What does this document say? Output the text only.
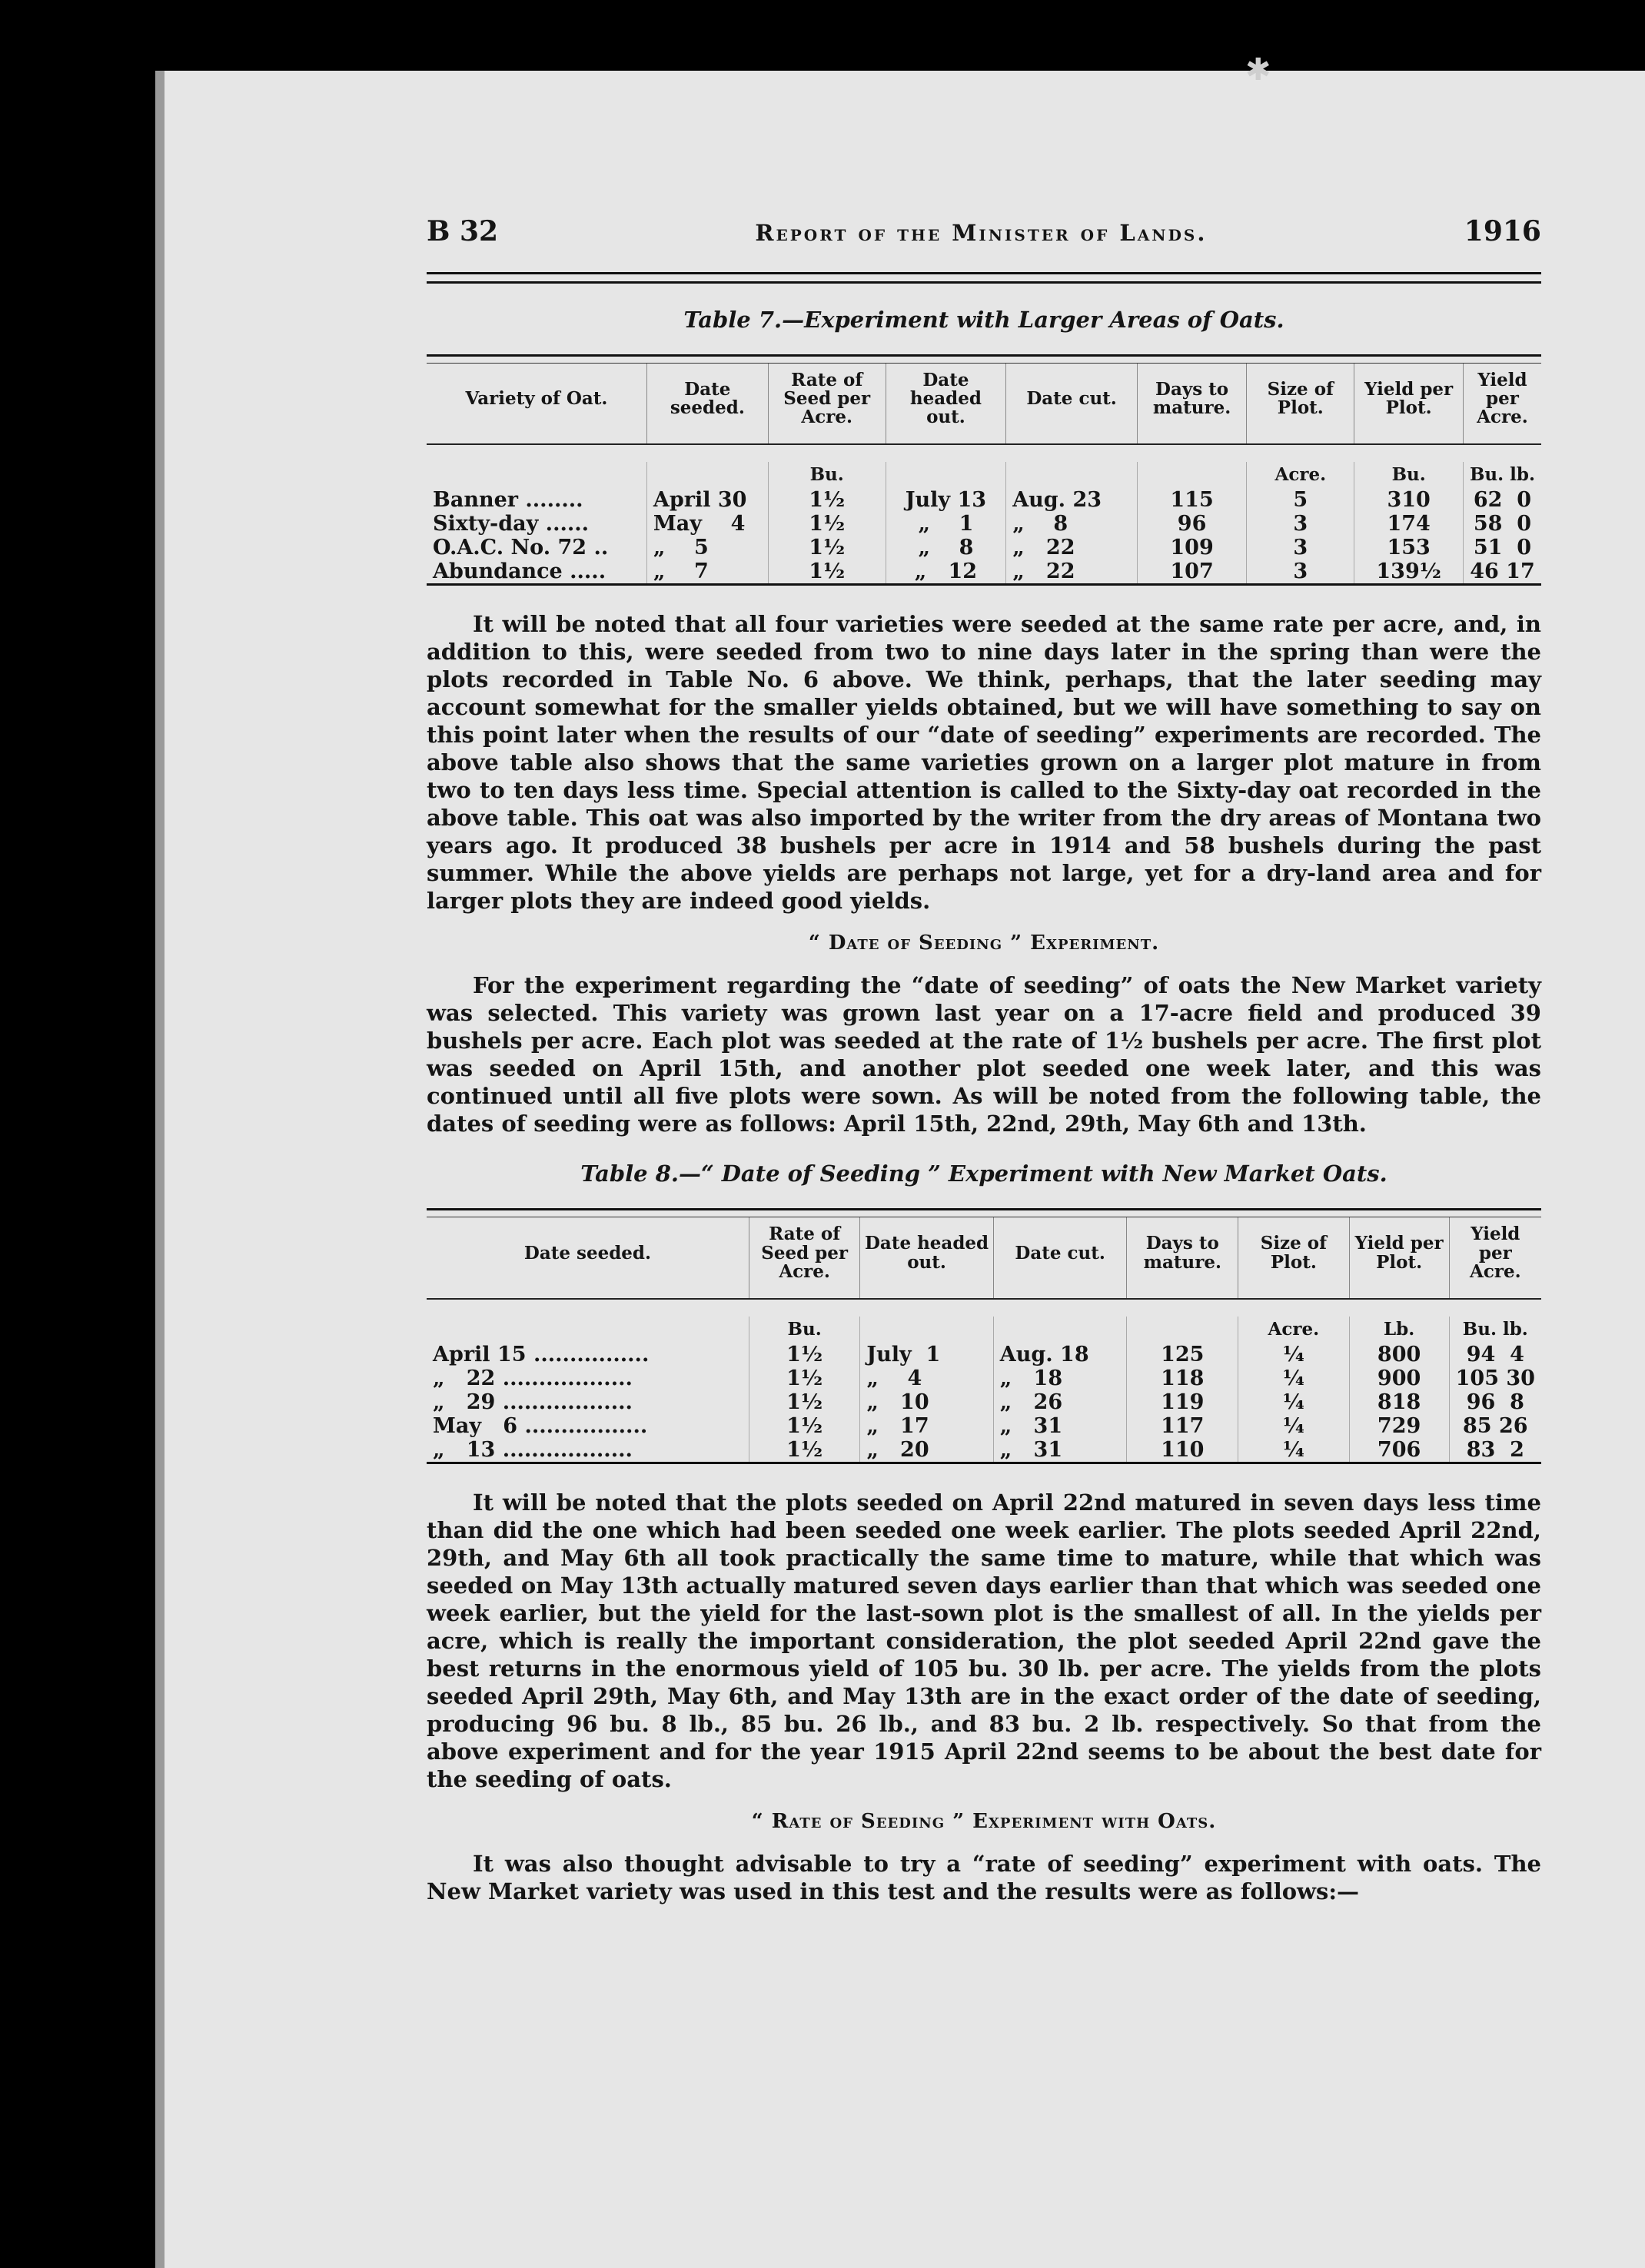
✱
B 32	Report of the Minister of Lands.	1916
Table 7.—Experiment with Larger Areas of Oats.

Variety of Oat.	Date seeded.	Rate of Seed per Acre.	Date headed out.	Date cut.	Days to mature.	Size of Plot.	Yield per Plot.	Yield per Acre.

		Bu.				Acre.	Bu.	Bu. lb.
Banner ........	April 30	1½	July 13	Aug. 23	115	5	310	62  0
Sixty-day ......	May    4	1½	„    1	„    8	96	3	174	58  0
O.A.C. No. 72 ..	„    5	1½	„    8	„   22	109	3	153	51  0
Abundance .....	„    7	1½	„   12	„   22	107	3	139½	46 17

It will be noted that all four varieties were seeded at the same rate per acre, and, in addition to this, were seeded from two to nine days later in the spring than were the plots recorded in Table No. 6 above. We think, perhaps, that the later seeding may account somewhat for the smaller yields obtained, but we will have something to say on this point later when the results of our “date of seeding” experiments are recorded. The above table also shows that the same varieties grown on a larger plot mature in from two to ten days less time. Special attention is called to the Sixty-day oat recorded in the above table. This oat was also imported by the writer from the dry areas of Montana two years ago. It produced 38 bushels per acre in 1914 and 58 bushels during the past summer. While the above yields are perhaps not large, yet for a dry-land area and for larger plots they are indeed good yields.

“ Date of Seeding ” Experiment.

For the experiment regarding the “date of seeding” of oats the New Market variety was selected. This variety was grown last year on a 17-acre field and produced 39 bushels per acre. Each plot was seeded at the rate of 1½ bushels per acre. The first plot was seeded on April 15th, and another plot seeded one week later, and this was continued until all five plots were sown. As will be noted from the following table, the dates of seeding were as follows: April 15th, 22nd, 29th, May 6th and 13th.

Table 8.—“ Date of Seeding ” Experiment with New Market Oats.

Date seeded.	Rate of Seed per Acre.	Date headed out.	Date cut.	Days to mature.	Size of Plot.	Yield per Plot.	Yield per Acre.

	Bu.				Acre.	Lb.	Bu. lb.
April 15 ................	1½	July  1	Aug. 18	125	¼	800	94  4
„   22 ..................	1½	„    4	„   18	118	¼	900	105 30
„   29 ..................	1½	„   10	„   26	119	¼	818	96  8
May   6 .................	1½	„   17	„   31	117	¼	729	85 26
„   13 ..................	1½	„   20	„   31	110	¼	706	83  2

It will be noted that the plots seeded on April 22nd matured in seven days less time than did the one which had been seeded one week earlier. The plots seeded April 22nd, 29th, and May 6th all took practically the same time to mature, while that which was seeded on May 13th actually matured seven days earlier than that which was seeded one week earlier, but the yield for the last-sown plot is the smallest of all. In the yields per acre, which is really the important consideration, the plot seeded April 22nd gave the best returns in the enormous yield of 105 bu. 30 lb. per acre. The yields from the plots seeded April 29th, May 6th, and May 13th are in the exact order of the date of seeding, producing 96 bu. 8 lb., 85 bu. 26 lb., and 83 bu. 2 lb. respectively. So that from the above experiment and for the year 1915 April 22nd seems to be about the best date for the seeding of oats.

“ Rate of Seeding ” Experiment with Oats.

It was also thought advisable to try a “rate of seeding” experiment with oats. The New Market variety was used in this test and the results were as follows:—
